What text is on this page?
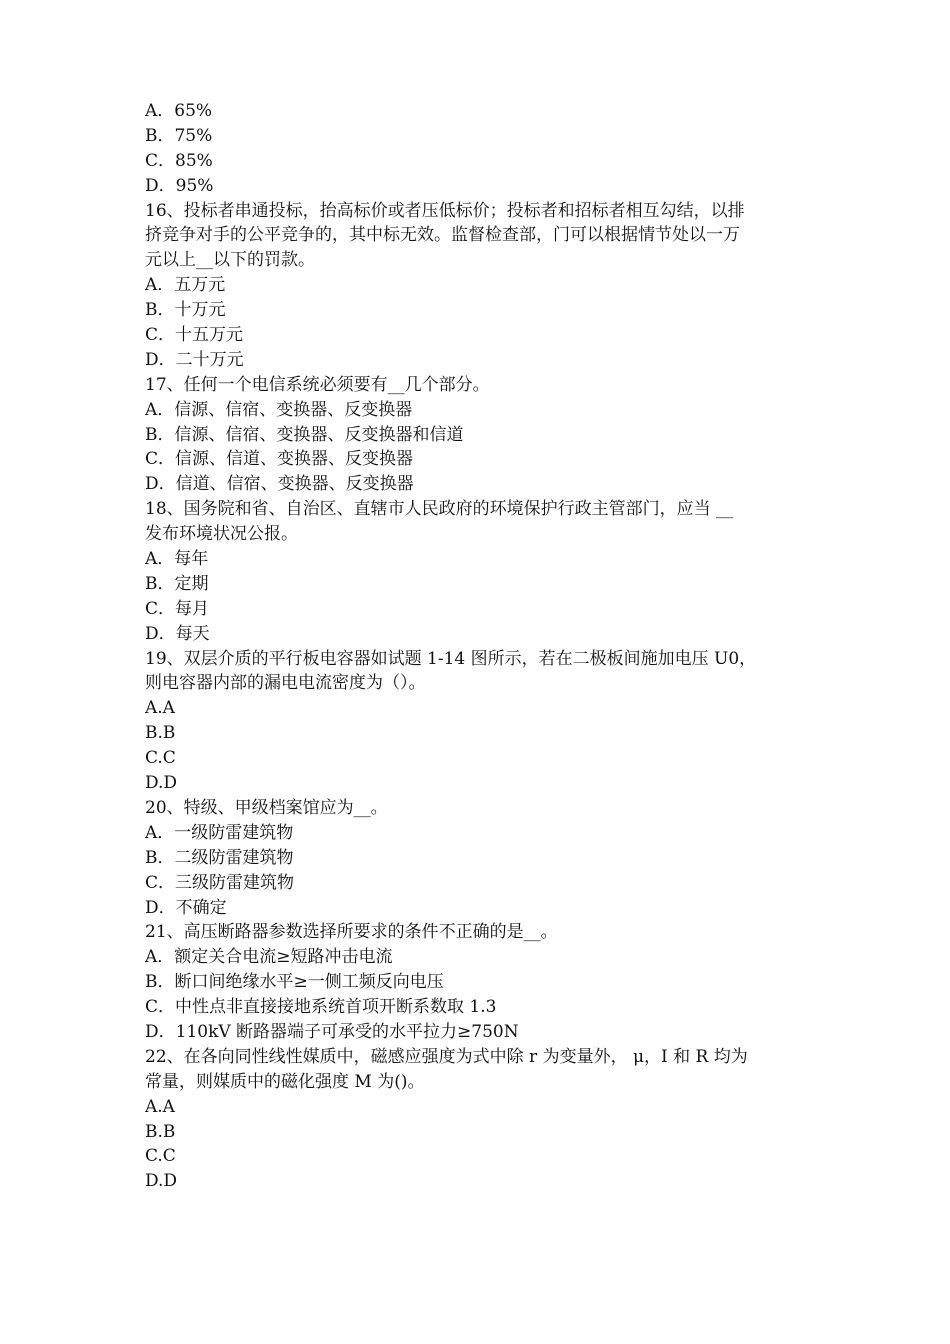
A．65%
B．75%
C．85%
D．95%
16、投标者串通投标，抬高标价或者压低标价；投标者和招标者相互勾结，以排
挤竞争对手的公平竞争的，其中标无效。监督检查部，门可以根据情节处以一万
元以上__以下的罚款。
A．五万元
B．十万元
C．十五万元
D．二十万元
17、任何一个电信系统必须要有__几个部分。
A．信源、信宿、变换器、反变换器
B．信源、信宿、变换器、反变换器和信道
C．信源、信道、变换器、反变换器
D．信道、信宿、变换器、反变换器
18、国务院和省、自治区、直辖市人民政府的环境保护行政主管部门，应当 __
发布环境状况公报。
A．每年
B．定期
C．每月
D．每天
19、双层介质的平行板电容器如试题 1-14 图所示，若在二极板间施加电压 U0，
则电容器内部的漏电电流密度为（）。
A.A
B.B
C.C
D.D
20、特级、甲级档案馆应为__。
A．一级防雷建筑物
B．二级防雷建筑物
C．三级防雷建筑物
D．不确定
21、高压断路器参数选择所要求的条件不正确的是__。
A．额定关合电流≥短路冲击电流
B．断口间绝缘水平≥一侧工频反向电压
C．中性点非直接接地系统首项开断系数取 1.3
D．110kV 断路器端子可承受的水平拉力≥750N
22、在各向同性线性媒质中，磁感应强度为式中除 r 为变量外， μ，I 和 R 均为
常量，则媒质中的磁化强度 M 为()。
A.A
B.B
C.C
D.D
